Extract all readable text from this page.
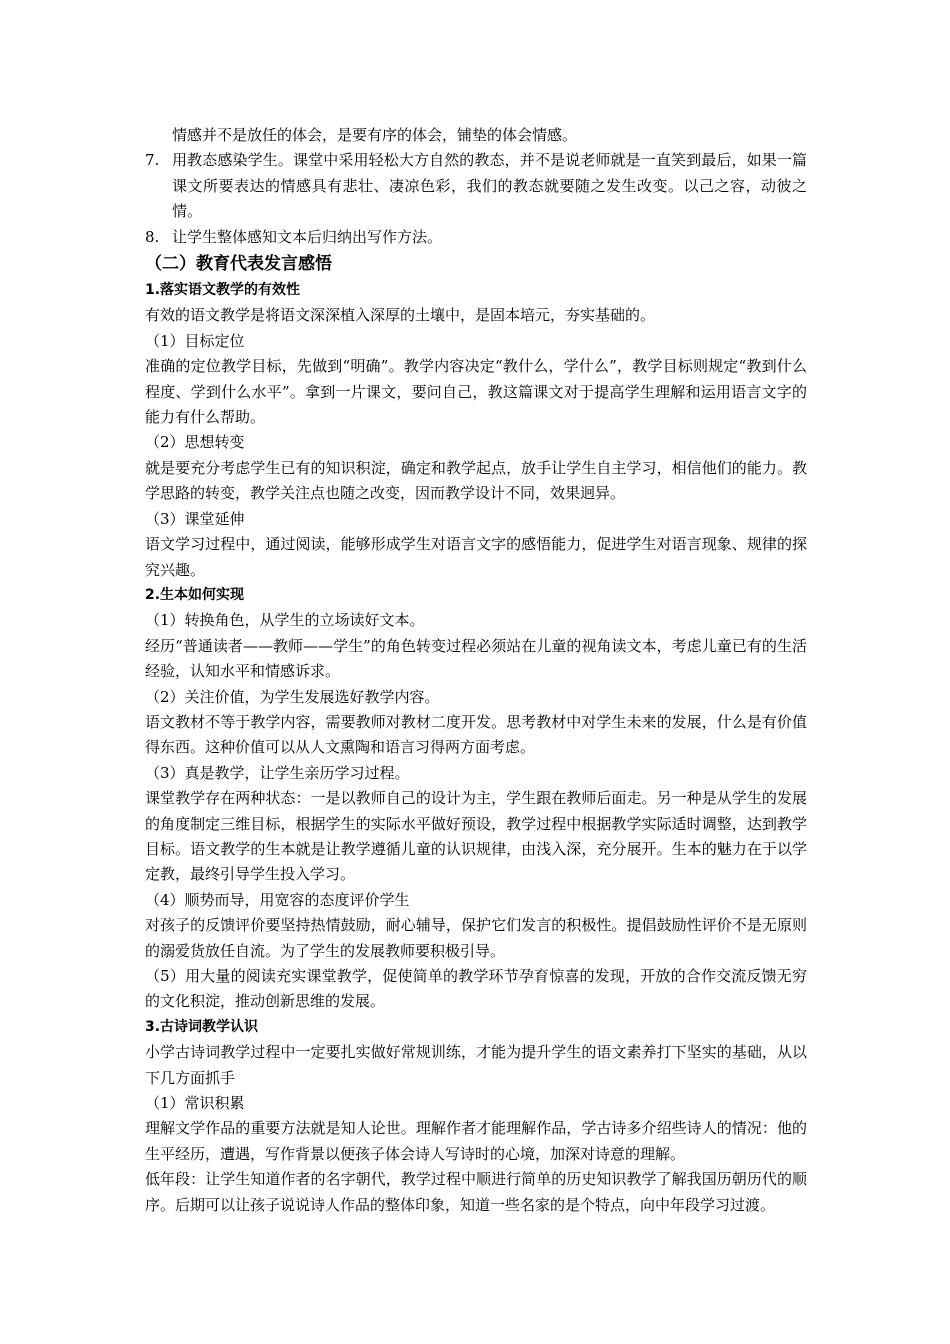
情感并不是放任的体会，是要有序的体会，铺垫的体会情感。
7. 用教态感染学生。课堂中采用轻松大方自然的教态，并不是说老师就是一直笑到最后，如果一篇课文所要表达的情感具有悲壮、凄凉色彩，我们的教态就要随之发生改变。以己之容，动彼之情。
8. 让学生整体感知文本后归纳出写作方法。
（二）教育代表发言感悟
1.落实语文教学的有效性
有效的语文教学是将语文深深植入深厚的土壤中，是固本培元，夯实基础的。
（1）目标定位
准确的定位教学目标，先做到“明确”。教学内容决定“教什么，学什么”，教学目标则规定“教到什么程度、学到什么水平”。拿到一片课文，要问自己，教这篇课文对于提高学生理解和运用语言文字的能力有什么帮助。
（2）思想转变
就是要充分考虑学生已有的知识积淀，确定和教学起点，放手让学生自主学习，相信他们的能力。教学思路的转变，教学关注点也随之改变，因而教学设计不同，效果迥异。
（3）课堂延伸
语文学习过程中，通过阅读，能够形成学生对语言文字的感悟能力，促进学生对语言现象、规律的探究兴趣。
2.生本如何实现
（1）转换角色，从学生的立场读好文本。
经历“普通读者——教师——学生”的角色转变过程必须站在儿童的视角读文本，考虑儿童已有的生活经验，认知水平和情感诉求。
（2）关注价值，为学生发展选好教学内容。
语文教材不等于教学内容，需要教师对教材二度开发。思考教材中对学生未来的发展，什么是有价值得东西。这种价值可以从人文熏陶和语言习得两方面考虑。
（3）真是教学，让学生亲历学习过程。
课堂教学存在两种状态：一是以教师自己的设计为主，学生跟在教师后面走。另一种是从学生的发展的角度制定三维目标，根据学生的实际水平做好预设，教学过程中根据教学实际适时调整，达到教学目标。语文教学的生本就是让教学遵循儿童的认识规律，由浅入深，充分展开。生本的魅力在于以学定教，最终引导学生投入学习。
（4）顺势而导，用宽容的态度评价学生
对孩子的反馈评价要坚持热情鼓励，耐心辅导，保护它们发言的积极性。提倡鼓励性评价不是无原则的溺爱货放任自流。为了学生的发展教师要积极引导。
（5）用大量的阅读充实课堂教学，促使简单的教学环节孕育惊喜的发现，开放的合作交流反馈无穷的文化积淀，推动创新思维的发展。
3.古诗词教学认识
小学古诗词教学过程中一定要扎实做好常规训练，才能为提升学生的语文素养打下坚实的基础，从以下几方面抓手
（1）常识积累
理解文学作品的重要方法就是知人论世。理解作者才能理解作品，学古诗多介绍些诗人的情况：他的生平经历，遭遇，写作背景以便孩子体会诗人写诗时的心境，加深对诗意的理解。
低年段：让学生知道作者的名字朝代，教学过程中顺进行简单的历史知识教学了解我国历朝历代的顺序。后期可以让孩子说说诗人作品的整体印象，知道一些名家的是个特点，向中年段学习过渡。
